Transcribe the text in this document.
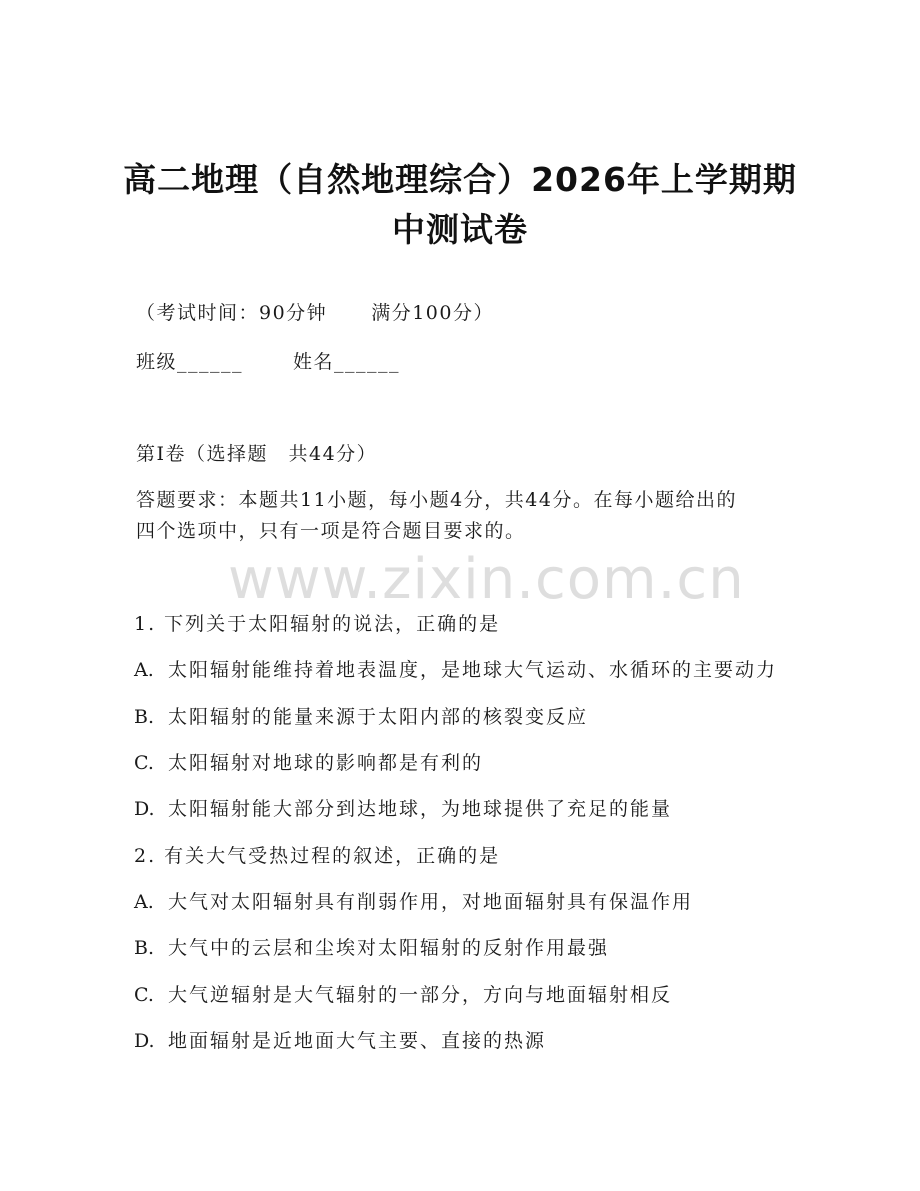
高二地理（自然地理综合）2026年上学期期
中测试卷
（考试时间：90分钟 满分100分）
班级______	姓名______
第Ⅰ卷（选择题　共44分）
答题要求：本题共11小题，每小题4分，共44分。在每小题给出的
四个选项中，只有一项是符合题目要求的。
www.zixin.com.cn
1. 下列关于太阳辐射的说法，正确的是
A. 太阳辐射能维持着地表温度，是地球大气运动、水循环的主要动力
B. 太阳辐射的能量来源于太阳内部的核裂变反应
C. 太阳辐射对地球的影响都是有利的
D. 太阳辐射能大部分到达地球，为地球提供了充足的能量
2. 有关大气受热过程的叙述，正确的是
A. 大气对太阳辐射具有削弱作用，对地面辐射具有保温作用
B. 大气中的云层和尘埃对太阳辐射的反射作用最强
C. 大气逆辐射是大气辐射的一部分，方向与地面辐射相反
D. 地面辐射是近地面大气主要、直接的热源
